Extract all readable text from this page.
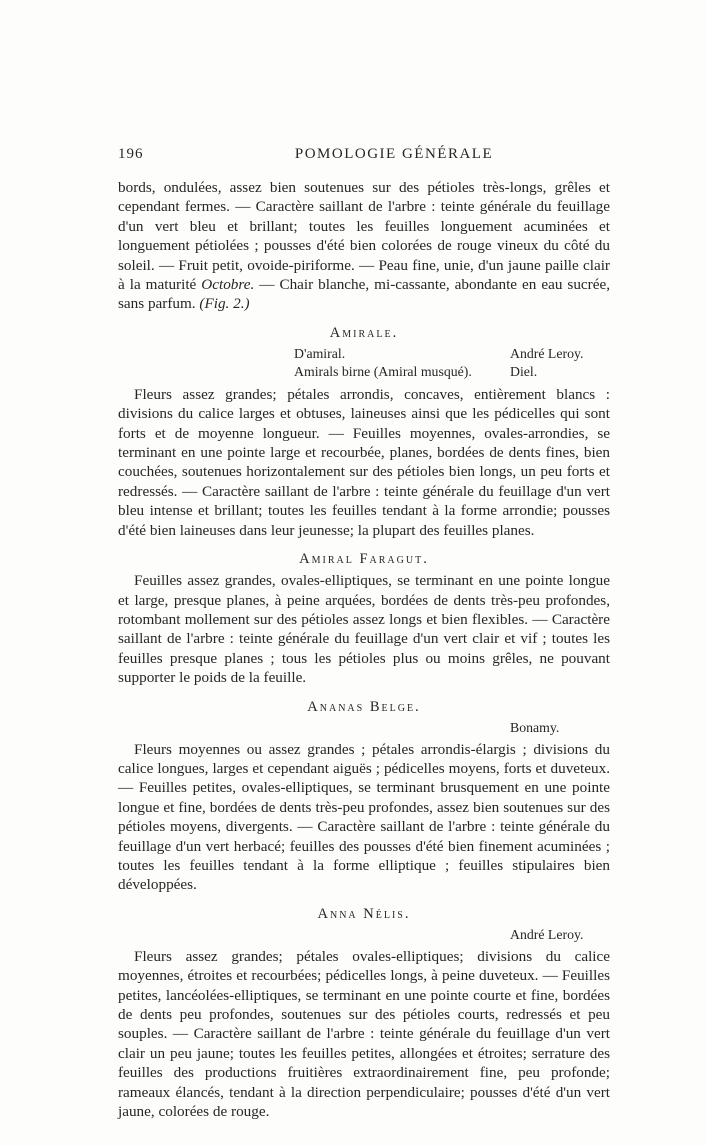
196	POMOLOGIE GÉNÉRALE

bords, ondulées, assez bien soutenues sur des pétioles très-longs, grêles et cependant fermes. — Caractère saillant de l'arbre : teinte générale du feuillage d'un vert bleu et brillant; toutes les feuilles longuement acuminées et longuement pétiolées ; pousses d'été bien colorées de rouge vineux du côté du soleil. — Fruit petit, ovoide-piriforme. — Peau fine, unie, d'un jaune paille clair à la maturité Octobre. — Chair blanche, mi-cassante, abondante en eau sucrée, sans parfum. (Fig. 2.)

Amirale.
D'amiral.	André Leroy.
Amirals birne (Amiral musqué).	Diel.

Fleurs assez grandes; pétales arrondis, concaves, entièrement blancs : divisions du calice larges et obtuses, laineuses ainsi que les pédicelles qui sont forts et de moyenne longueur. — Feuilles moyennes, ovales-arrondies, se terminant en une pointe large et recourbée, planes, bordées de dents fines, bien couchées, soutenues horizontalement sur des pétioles bien longs, un peu forts et redressés. — Caractère saillant de l'arbre : teinte générale du feuillage d'un vert bleu intense et brillant; toutes les feuilles tendant à la forme arrondie; pousses d'été bien laineuses dans leur jeunesse; la plupart des feuilles planes.

Amiral Faragut.

Feuilles assez grandes, ovales-elliptiques, se terminant en une pointe longue et large, presque planes, à peine arquées, bordées de dents très-peu profondes, rotombant mollement sur des pétioles assez longs et bien flexibles. — Caractère saillant de l'arbre : teinte générale du feuillage d'un vert clair et vif ; toutes les feuilles presque planes ; tous les pétioles plus ou moins grêles, ne pouvant supporter le poids de la feuille.

Ananas Belge.
Bonamy.

Fleurs moyennes ou assez grandes ; pétales arrondis-élargis ; divisions du calice longues, larges et cependant aiguës ; pédicelles moyens, forts et duveteux. — Feuilles petites, ovales-elliptiques, se terminant brusquement en une pointe longue et fine, bordées de dents très-peu profondes, assez bien soutenues sur des pétioles moyens, divergents. — Caractère saillant de l'arbre : teinte générale du feuillage d'un vert herbacé; feuilles des pousses d'été bien finement acuminées ; toutes les feuilles tendant à la forme elliptique ; feuilles stipulaires bien développées.

Anna Nélis.
André Leroy.

Fleurs assez grandes; pétales ovales-elliptiques; divisions du calice moyennes, étroites et recourbées; pédicelles longs, à peine duveteux. — Feuilles petites, lancéolées-elliptiques, se terminant en une pointe courte et fine, bordées de dents peu profondes, soutenues sur des pétioles courts, redressés et peu souples. — Caractère saillant de l'arbre : teinte générale du feuillage d'un vert clair un peu jaune; toutes les feuilles petites, allongées et étroites; serrature des feuilles des productions fruitières extraordinairement fine, peu profonde; rameaux élancés, tendant à la direction perpendiculaire; pousses d'été d'un vert jaune, colorées de rouge.
